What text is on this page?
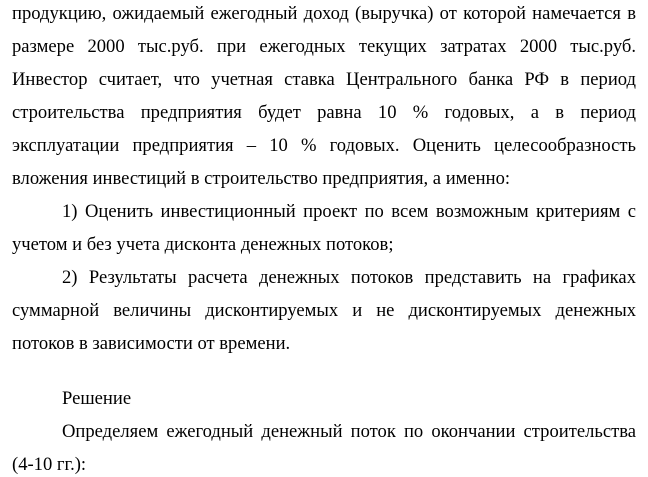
продукцию, ожидаемый ежегодный доход (выручка) от которой намечается в
размере 2000 тыс.руб. при ежегодных текущих затратах 2000 тыс.руб.
Инвестор считает, что учетная ставка Центрального банка РФ в период
строительства предприятия будет равна 10 % годовых, а в период
эксплуатации предприятия – 10 % годовых. Оценить целесообразность
вложения инвестиций в строительство предприятия, а именно:
1) Оценить инвестиционный проект по всем возможным критериям с
учетом и без учета дисконта денежных потоков;
2) Результаты расчета денежных потоков представить на графиках
суммарной величины дисконтируемых и не дисконтируемых денежных
потоков в зависимости от времени.
Решение
Определяем ежегодный денежный поток по окончании строительства
(4-10 гг.):
